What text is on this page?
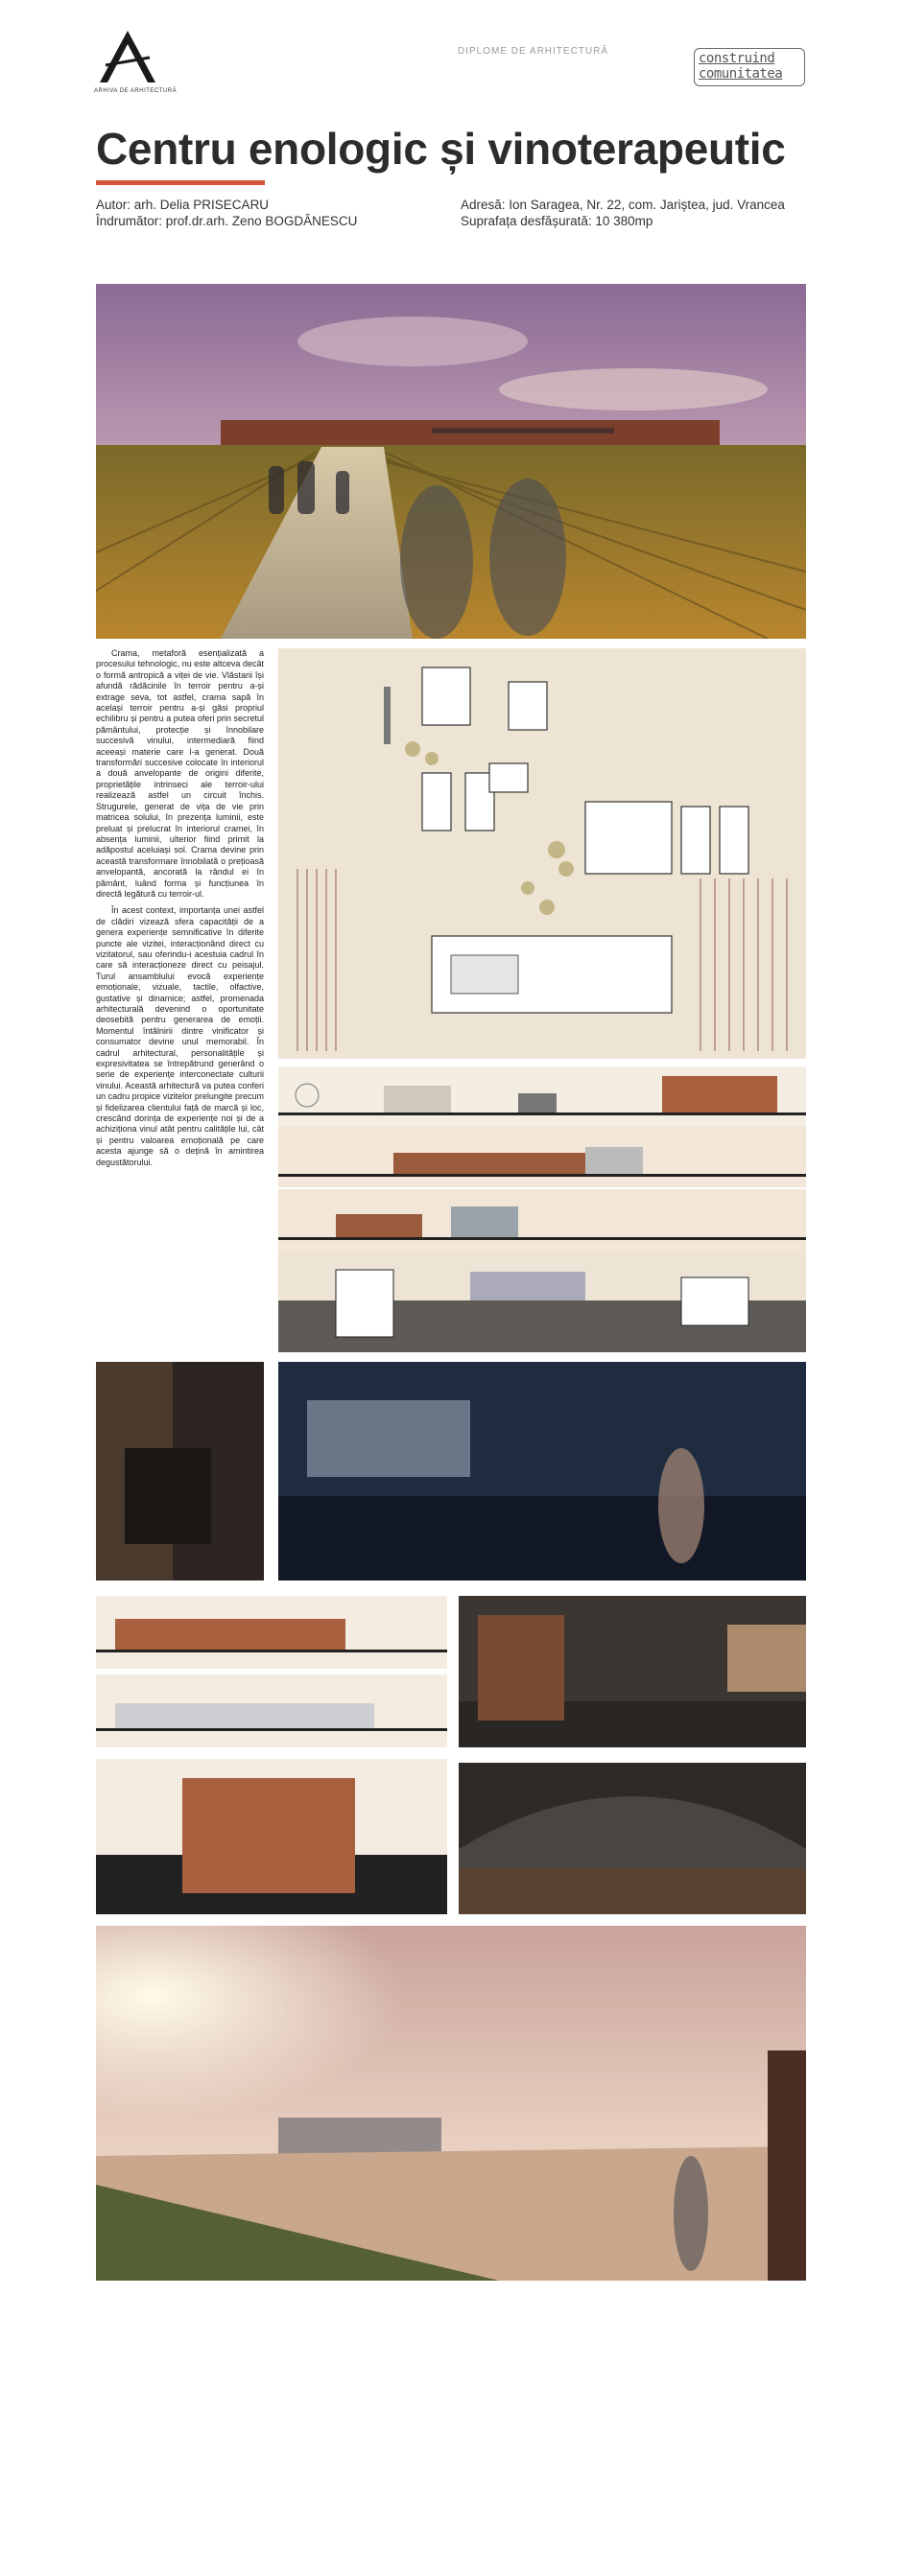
ARHIVA DE ARHITECTURĂ
DIPLOME DE ARHITECTURĂ	construind
comunitatea
Centru enologic și vinoterapeutic
Autor: arh. Delia PRISECARU
Îndrumător: prof.dr.arh. Zeno BOGDĂNESCU
Adresă: Ion Saragea, Nr. 22, com. Jariștea, jud. Vrancea
Suprafața desfășurată: 10 380mp

Crama, metaforă esențializată a procesului tehnologic, nu este altceva decât o formă antropică a viței de vie. Vlăstarii își afundă rădăcinile în terroir pentru a-și extrage seva, tot astfel, crama sapă în același terroir pentru a-și găsi propriul echilibru și pentru a putea oferi prin secretul pământului, protecție și înnobilare succesivă vinului, intermediară fiind aceeași materie care l-a generat. Două transformări succesive colocate în interiorul a două anvelopante de origini diferite, proprietățile intrinseci ale terroir-ului realizează astfel un circuit închis. Strugurele, generat de vița de vie prin matricea solului, în prezența luminii, este preluat și prelucrat în interiorul cramei, în absența luminii, ulterior fiind primit la adăpostul aceluiași sol. Crama devine prin această transformare înnobilată o prețioasă anvelopantă, ancorată la rândul ei în pământ, luând forma și funcțiunea în directă legătură cu terroir-ul.

În acest context, importanța unei astfel de clădiri vizează sfera capacității de a genera experiențe semnificative în diferite puncte ale vizitei, interacționând direct cu vizitatorul, sau oferindu-i acestuia cadrul în care să interacționeze direct cu peisajul. Turul ansamblului evocă experiențe emoționale, vizuale, tactile, olfactive, gustative și dinamice; astfel, promenada arhitecturală devenind o oportunitate deosebită pentru generarea de emoții. Momentul întâlnirii dintre vinificator și consumator devine unul memorabil. În cadrul arhitectural, personalitățile și expresivitatea se întrepătrund generând o serie de experiențe interconectate culturii vinului. Această arhitectură va putea conferi un cadru propice vizitelor prelungite precum și fidelizarea clientului față de marcă și loc, crescând dorința de experiențe noi și de a achiziționa vinul atât pentru calitățile lui, cât și pentru valoarea emoțională pe care acesta ajunge să o dețină în amintirea degustătorului.
